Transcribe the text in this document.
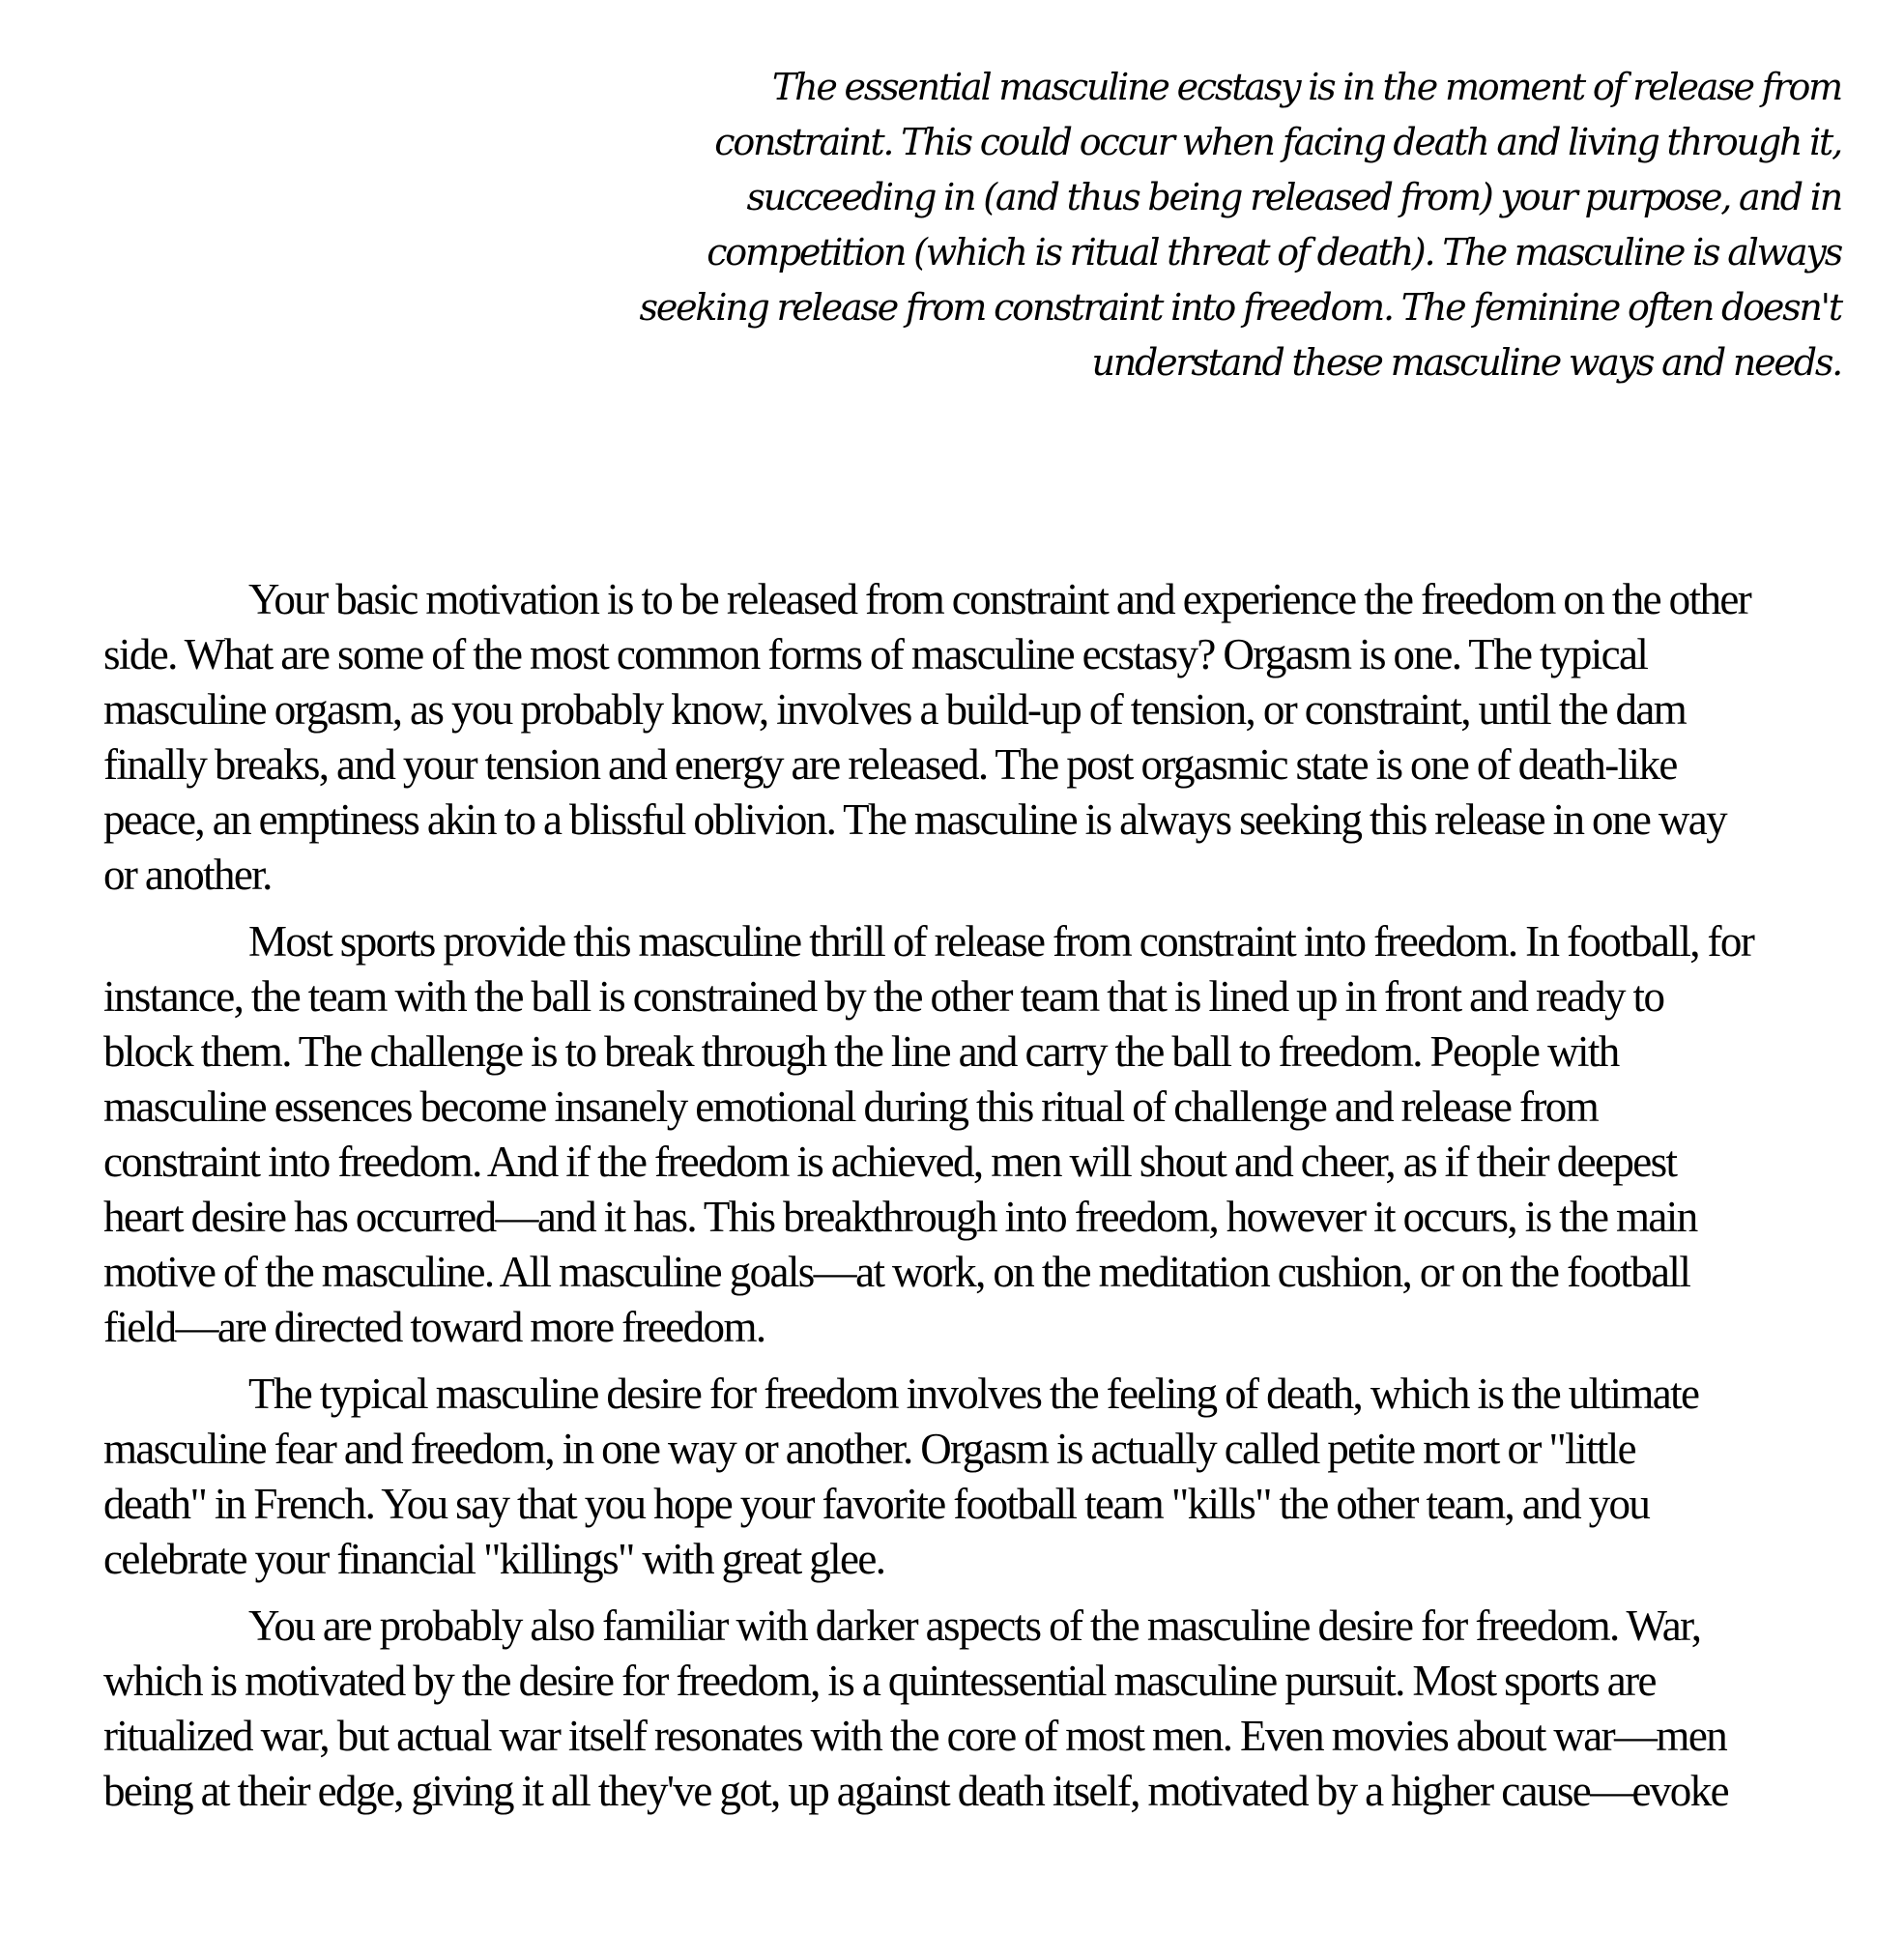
The essential masculine ecstasy is in the moment of release from
constraint. This could occur when facing death and living through it,
succeeding in (and thus being released from) your purpose, and in
competition (which is ritual threat of death). The masculine is always
seeking release from constraint into freedom. The feminine often doesn't
understand these masculine ways and needs.

Your basic motivation is to be released from constraint and experience the freedom on the other
side. What are some of the most common forms of masculine ecstasy? Orgasm is one. The typical
masculine orgasm, as you probably know, involves a build-up of tension, or constraint, until the dam
finally breaks, and your tension and energy are released. The post orgasmic state is one of death-like
peace, an emptiness akin to a blissful oblivion. The masculine is always seeking this release in one way
or another.

Most sports provide this masculine thrill of release from constraint into freedom. In football, for
instance, the team with the ball is constrained by the other team that is lined up in front and ready to
block them. The challenge is to break through the line and carry the ball to freedom. People with
masculine essences become insanely emotional during this ritual of challenge and release from
constraint into freedom. And if the freedom is achieved, men will shout and cheer, as if their deepest
heart desire has occurred—and it has. This breakthrough into freedom, however it occurs, is the main
motive of the masculine. All masculine goals—at work, on the meditation cushion, or on the football
field—are directed toward more freedom.

The typical masculine desire for freedom involves the feeling of death, which is the ultimate
masculine fear and freedom, in one way or another. Orgasm is actually called petite mort or "little
death" in French. You say that you hope your favorite football team "kills" the other team, and you
celebrate your financial "killings" with great glee.

You are probably also familiar with darker aspects of the masculine desire for freedom. War,
which is motivated by the desire for freedom, is a quintessential masculine pursuit. Most sports are
ritualized war, but actual war itself resonates with the core of most men. Even movies about war—men
being at their edge, giving it all they've got, up against death itself, motivated by a higher cause—evoke
